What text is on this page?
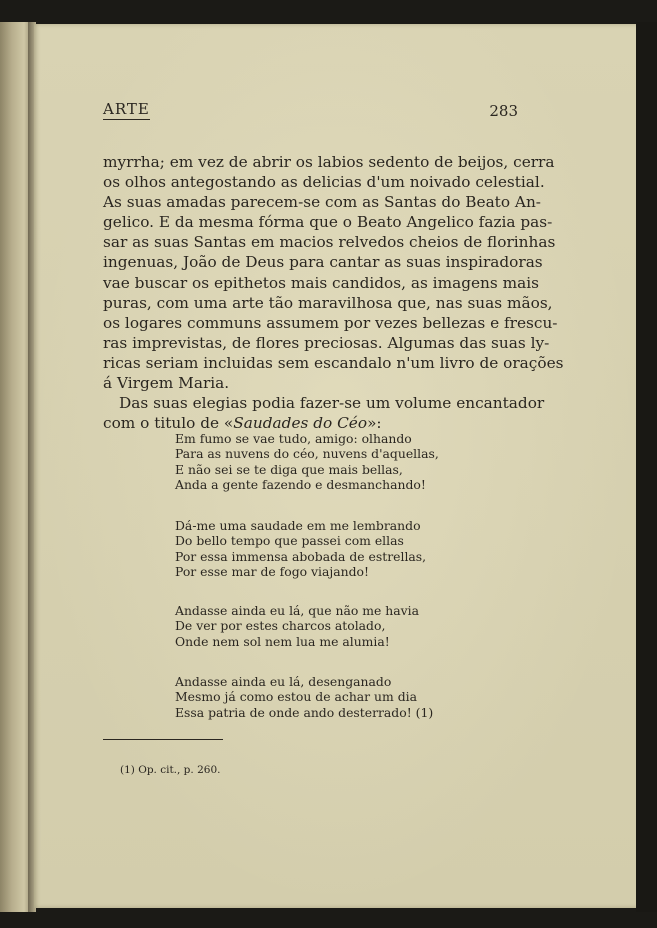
ARTE	283
myrrha; em vez de abrir os labios sedento de beijos, cerra
os olhos antegostando as delicias d'um noivado celestial.
As suas amadas parecem-se com as Santas do Beato An-
gelico. E da mesma fórma que o Beato Angelico fazia pas-
sar as suas Santas em macios relvedos cheios de florinhas
ingenuas, João de Deus para cantar as suas inspiradoras
vae buscar os epithetos mais candidos, as imagens mais
puras, com uma arte tão maravilhosa que, nas suas mãos,
os logares communs assumem por vezes bellezas e frescu-
ras imprevistas, de flores preciosas. Algumas das suas ly-
ricas seriam incluidas sem escandalo n'um livro de orações
á Virgem Maria.
Das suas elegias podia fazer-se um volume encantador
com o titulo de «Saudades do Céo»:
Em fumo se vae tudo, amigo: olhando
Para as nuvens do céo, nuvens d'aquellas,
E não sei se te diga que mais bellas,
Anda a gente fazendo e desmanchando!
Dá-me uma saudade em me lembrando
Do bello tempo que passei com ellas
Por essa immensa abobada de estrellas,
Por esse mar de fogo viajando!
Andasse ainda eu lá, que não me havia
De ver por estes charcos atolado,
Onde nem sol nem lua me alumia!
Andasse ainda eu lá, desenganado
Mesmo já como estou de achar um dia
Essa patria de onde ando desterrado! (1)
(1) Op. cit., p. 260.
